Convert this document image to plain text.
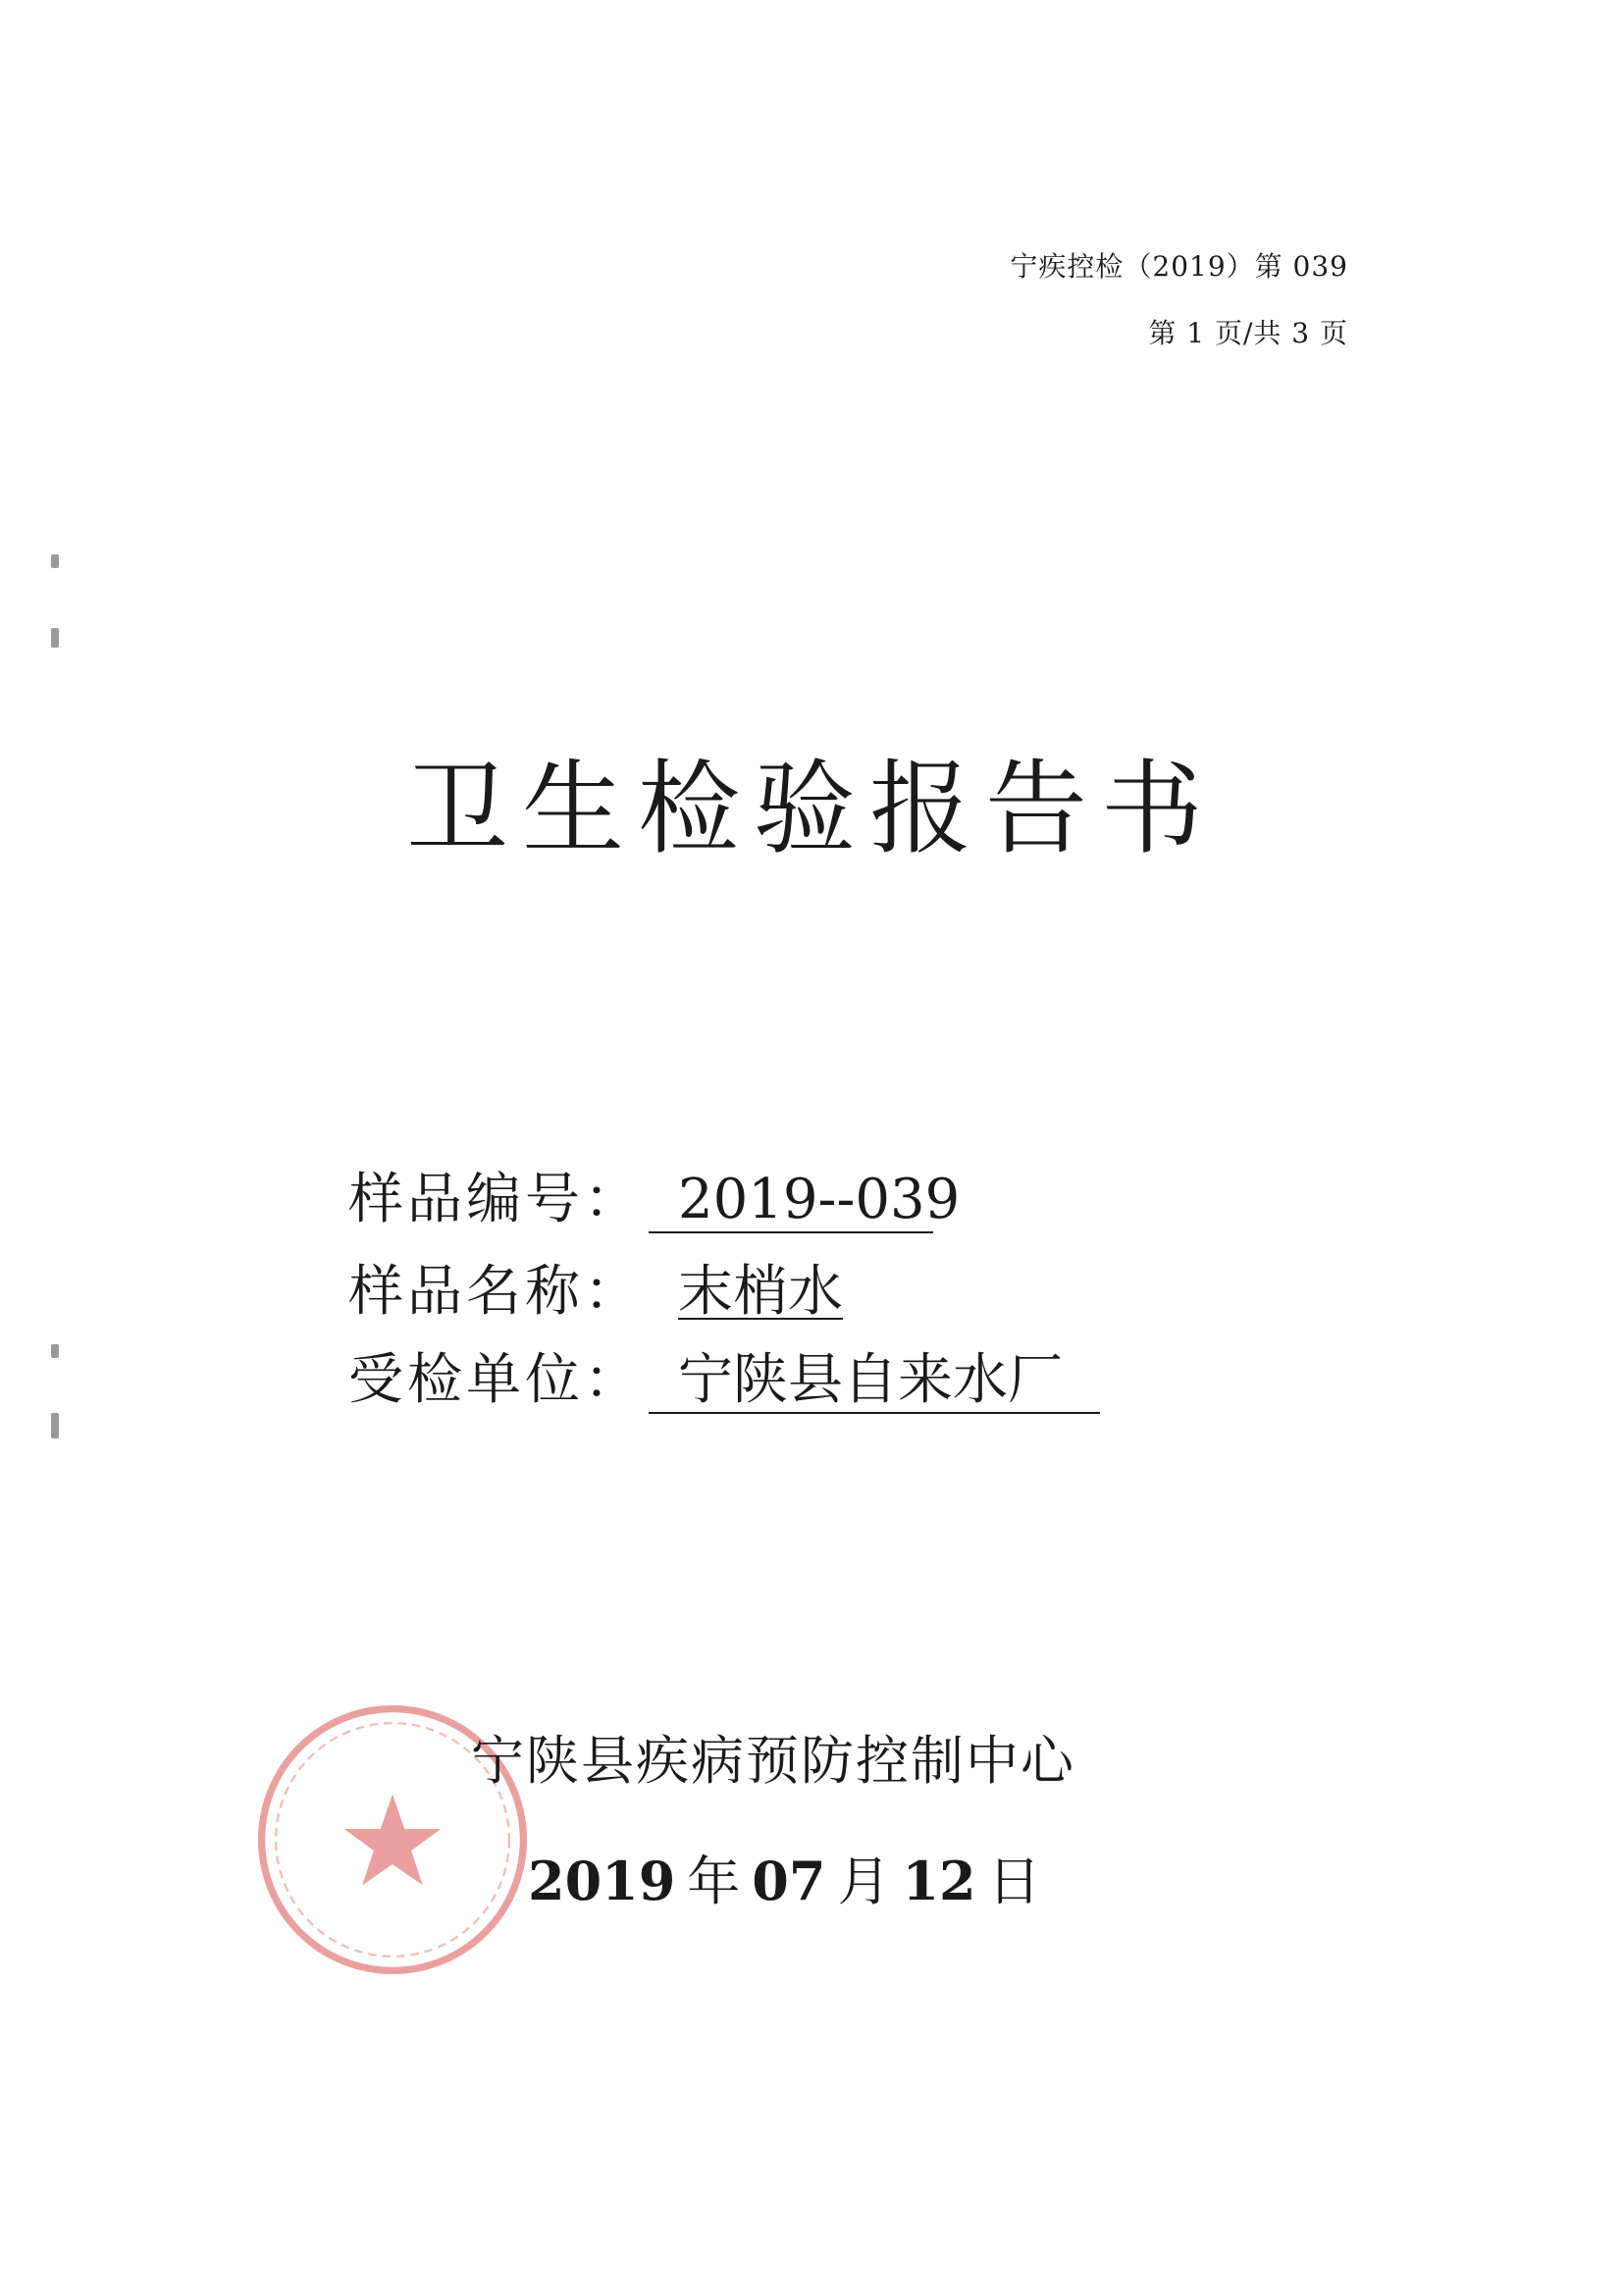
宁疾控检（2019）第 039
第 1 页/共 3 页
卫生检验报告书
样品编号： 2019--039
样品名称： 末梢水
受检单位： 宁陕县自来水厂
宁陕县疾病预防控制中心
2019 年 07 月 12 日
